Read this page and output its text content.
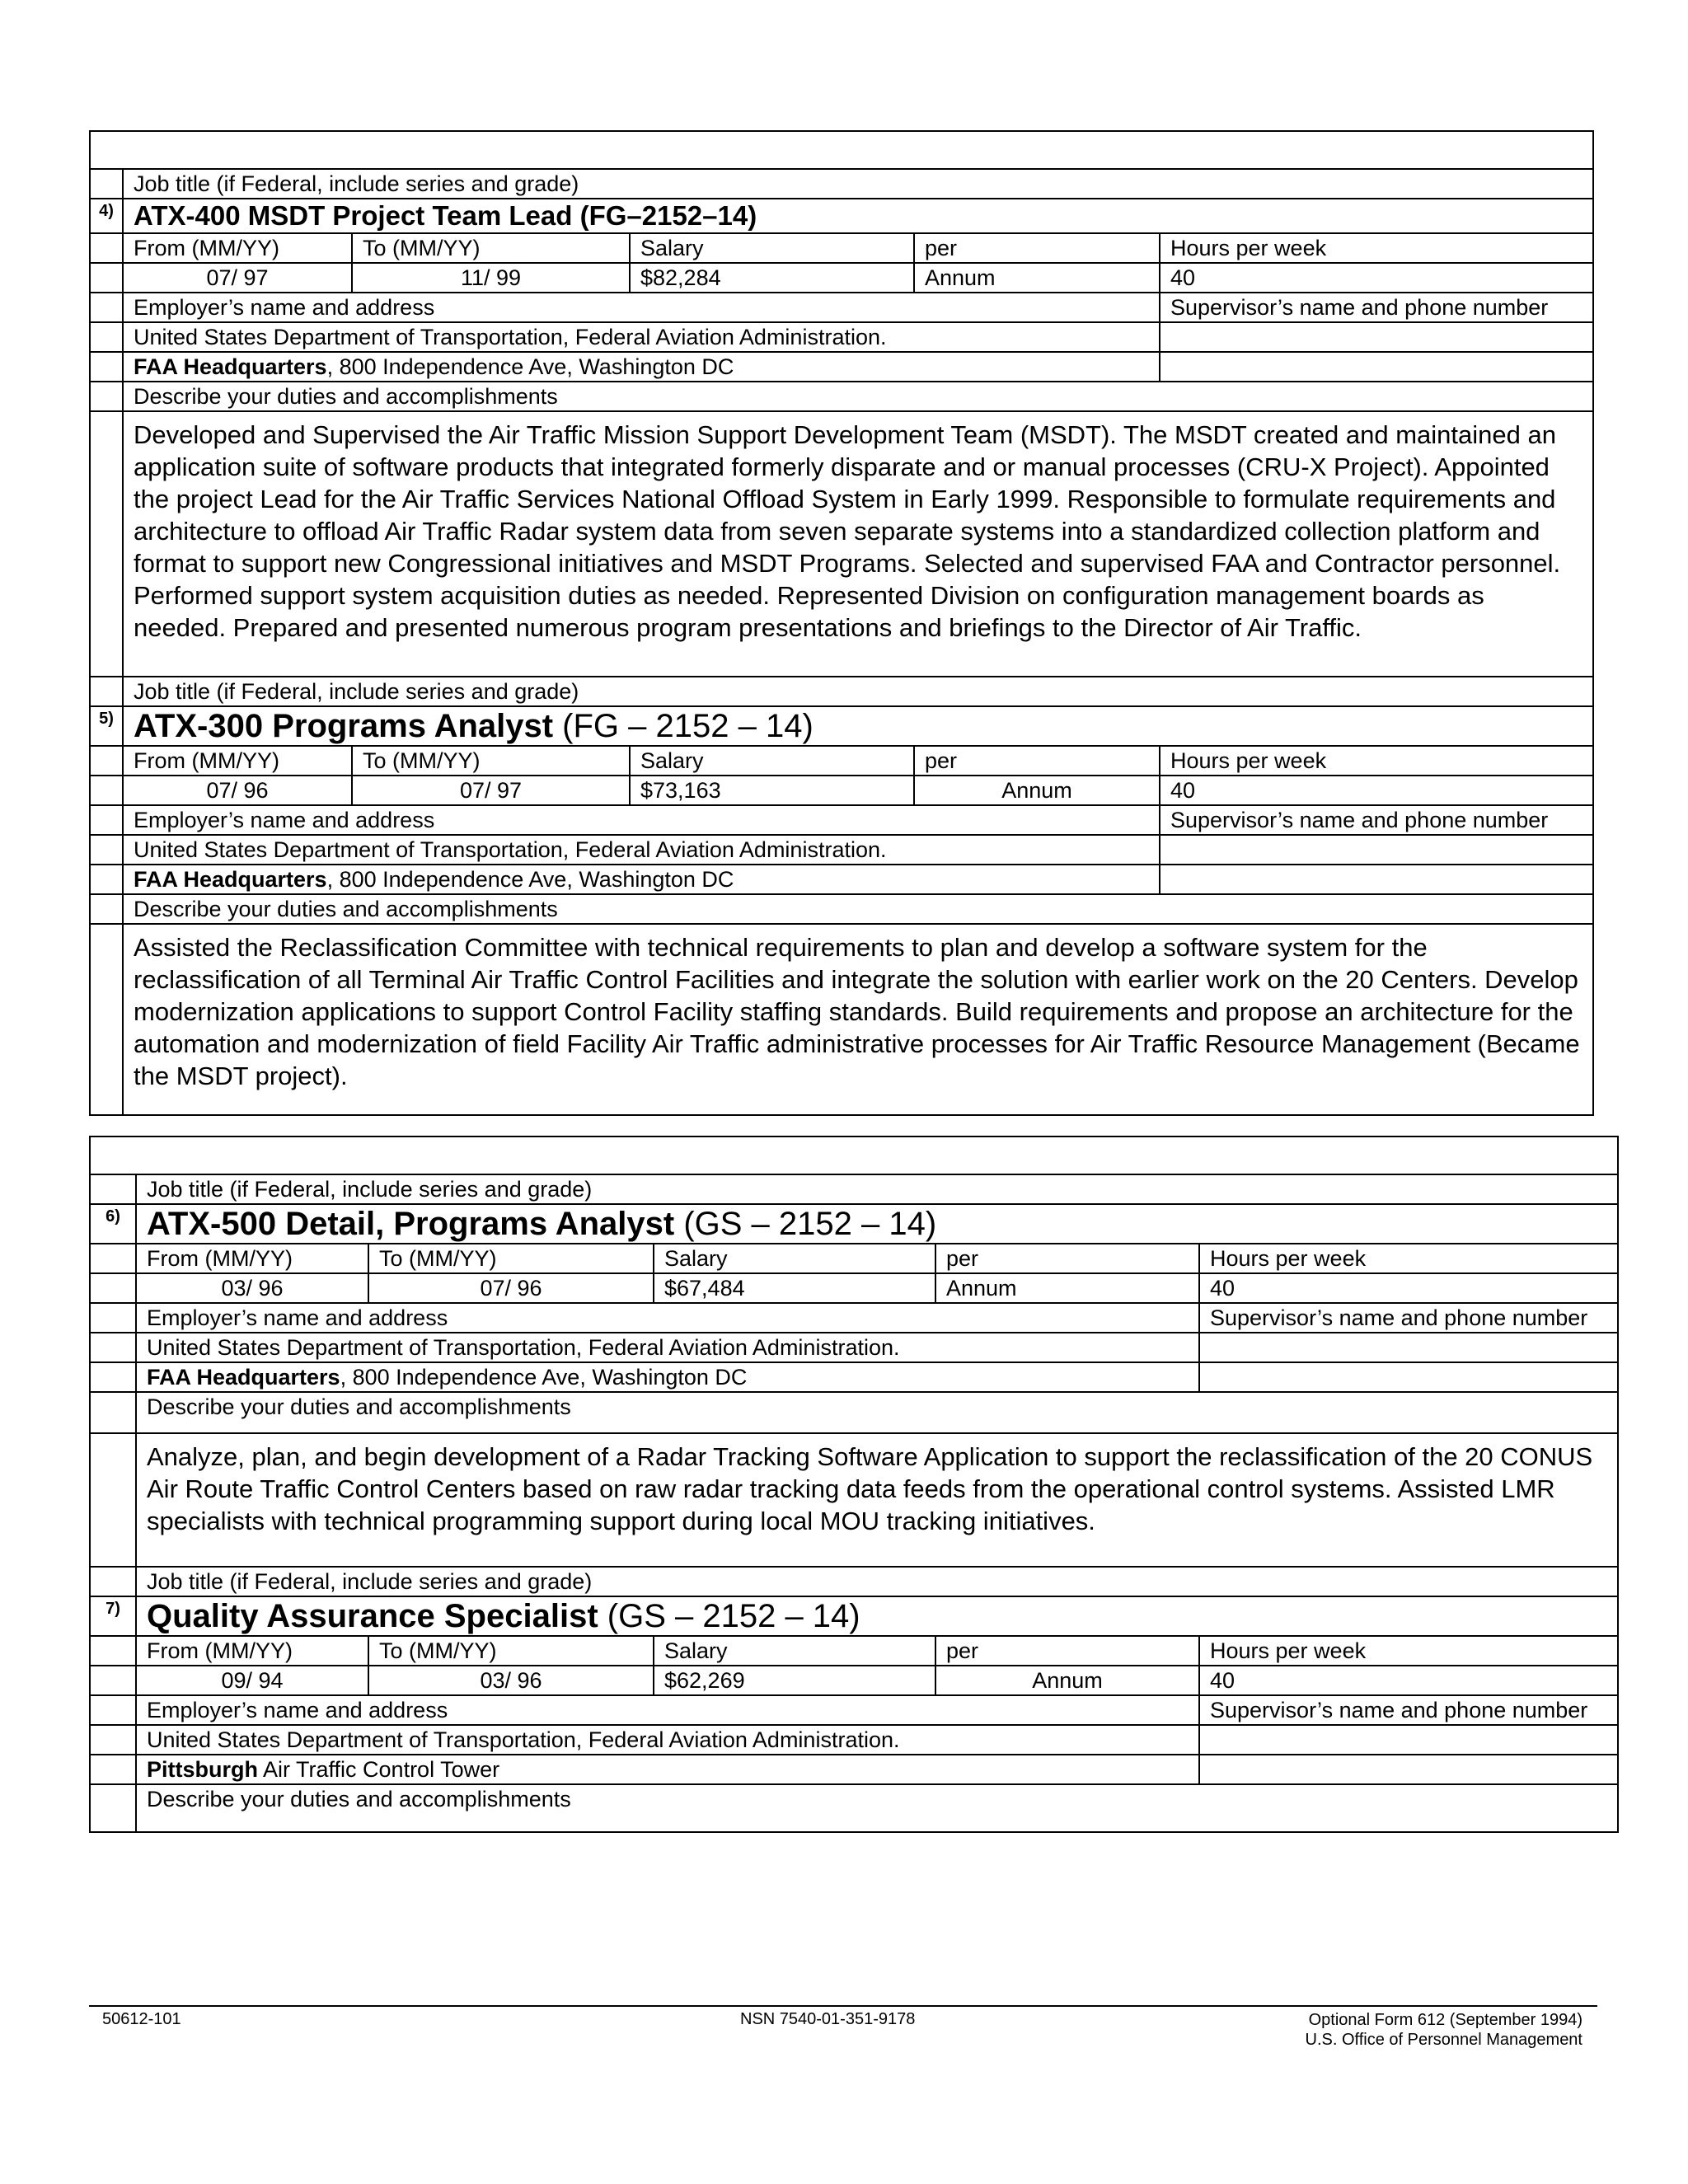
	Job title (if Federal, include series and grade)				
4)	ATX-400 MSDT Project Team Lead (FG–2152–14)				
	From (MM/YY)	To (MM/YY)	Salary	per	Hours per week
	07/ 97	11/ 99	$82,284	Annum	40
	Employer’s name and address				Supervisor’s name and phone number
	United States Department of Transportation, Federal Aviation Administration.				
	FAA Headquarters, 800 Independence Ave, Washington DC				
	Describe your duties and accomplishments				
	Developed and Supervised the Air Traffic Mission Support Development Team (MSDT). The MSDT created and maintained an application suite of software products that integrated formerly disparate and or manual processes (CRU-X Project). Appointed the project Lead for the Air Traffic Services National Offload System in Early 1999. Responsible to formulate requirements and architecture to offload Air Traffic Radar system data from seven separate systems into a standardized collection platform and format to support new Congressional initiatives and MSDT Programs. Selected and supervised FAA and Contractor personnel. Performed support system acquisition duties as needed. Represented Division on configuration management boards as needed. Prepared and presented numerous program presentations and briefings to the Director of Air Traffic.				
	Job title (if Federal, include series and grade)				
5)	ATX-300 Programs Analyst (FG – 2152 – 14)				
	From (MM/YY)	To (MM/YY)	Salary	per	Hours per week
	07/ 96	07/ 97	$73,163	Annum	40
	Employer’s name and address				Supervisor’s name and phone number
	United States Department of Transportation, Federal Aviation Administration.				
	FAA Headquarters, 800 Independence Ave, Washington DC				
	Describe your duties and accomplishments				
	Assisted the Reclassification Committee with technical requirements to plan and develop a software system for the reclassification of all Terminal Air Traffic Control Facilities and integrate the solution with earlier work on the 20 Centers. Develop modernization applications to support Control Facility staffing standards. Build requirements and propose an architecture for the automation and modernization of field Facility Air Traffic administrative processes for Air Traffic Resource Management (Became the MSDT project).				

	Job title (if Federal, include series and grade)				
6)	ATX-500 Detail, Programs Analyst (GS – 2152 – 14)				
	From (MM/YY)	To (MM/YY)	Salary	per	Hours per week
	03/ 96	07/ 96	$67,484	Annum	40
	Employer’s name and address				Supervisor’s name and phone number
	United States Department of Transportation, Federal Aviation Administration.				
	FAA Headquarters, 800 Independence Ave, Washington DC				
	Describe your duties and accomplishments				
	Analyze, plan, and begin development of a Radar Tracking Software Application to support the reclassification of the 20 CONUS Air Route Traffic Control Centers based on raw radar tracking data feeds from the operational control systems. Assisted LMR specialists with technical programming support during local MOU tracking initiatives.				
	Job title (if Federal, include series and grade)				
7)	Quality Assurance Specialist (GS – 2152 – 14)				
	From (MM/YY)	To (MM/YY)	Salary	per	Hours per week
	09/ 94	03/ 96	$62,269	Annum	40
	Employer’s name and address				Supervisor’s name and phone number
	United States Department of Transportation, Federal Aviation Administration.				
	Pittsburgh Air Traffic Control Tower				
	Describe your duties and accomplishments				
50612-101	NSN 7540-01-351-9178	Optional Form 612 (September 1994)
U.S. Office of Personnel Management
